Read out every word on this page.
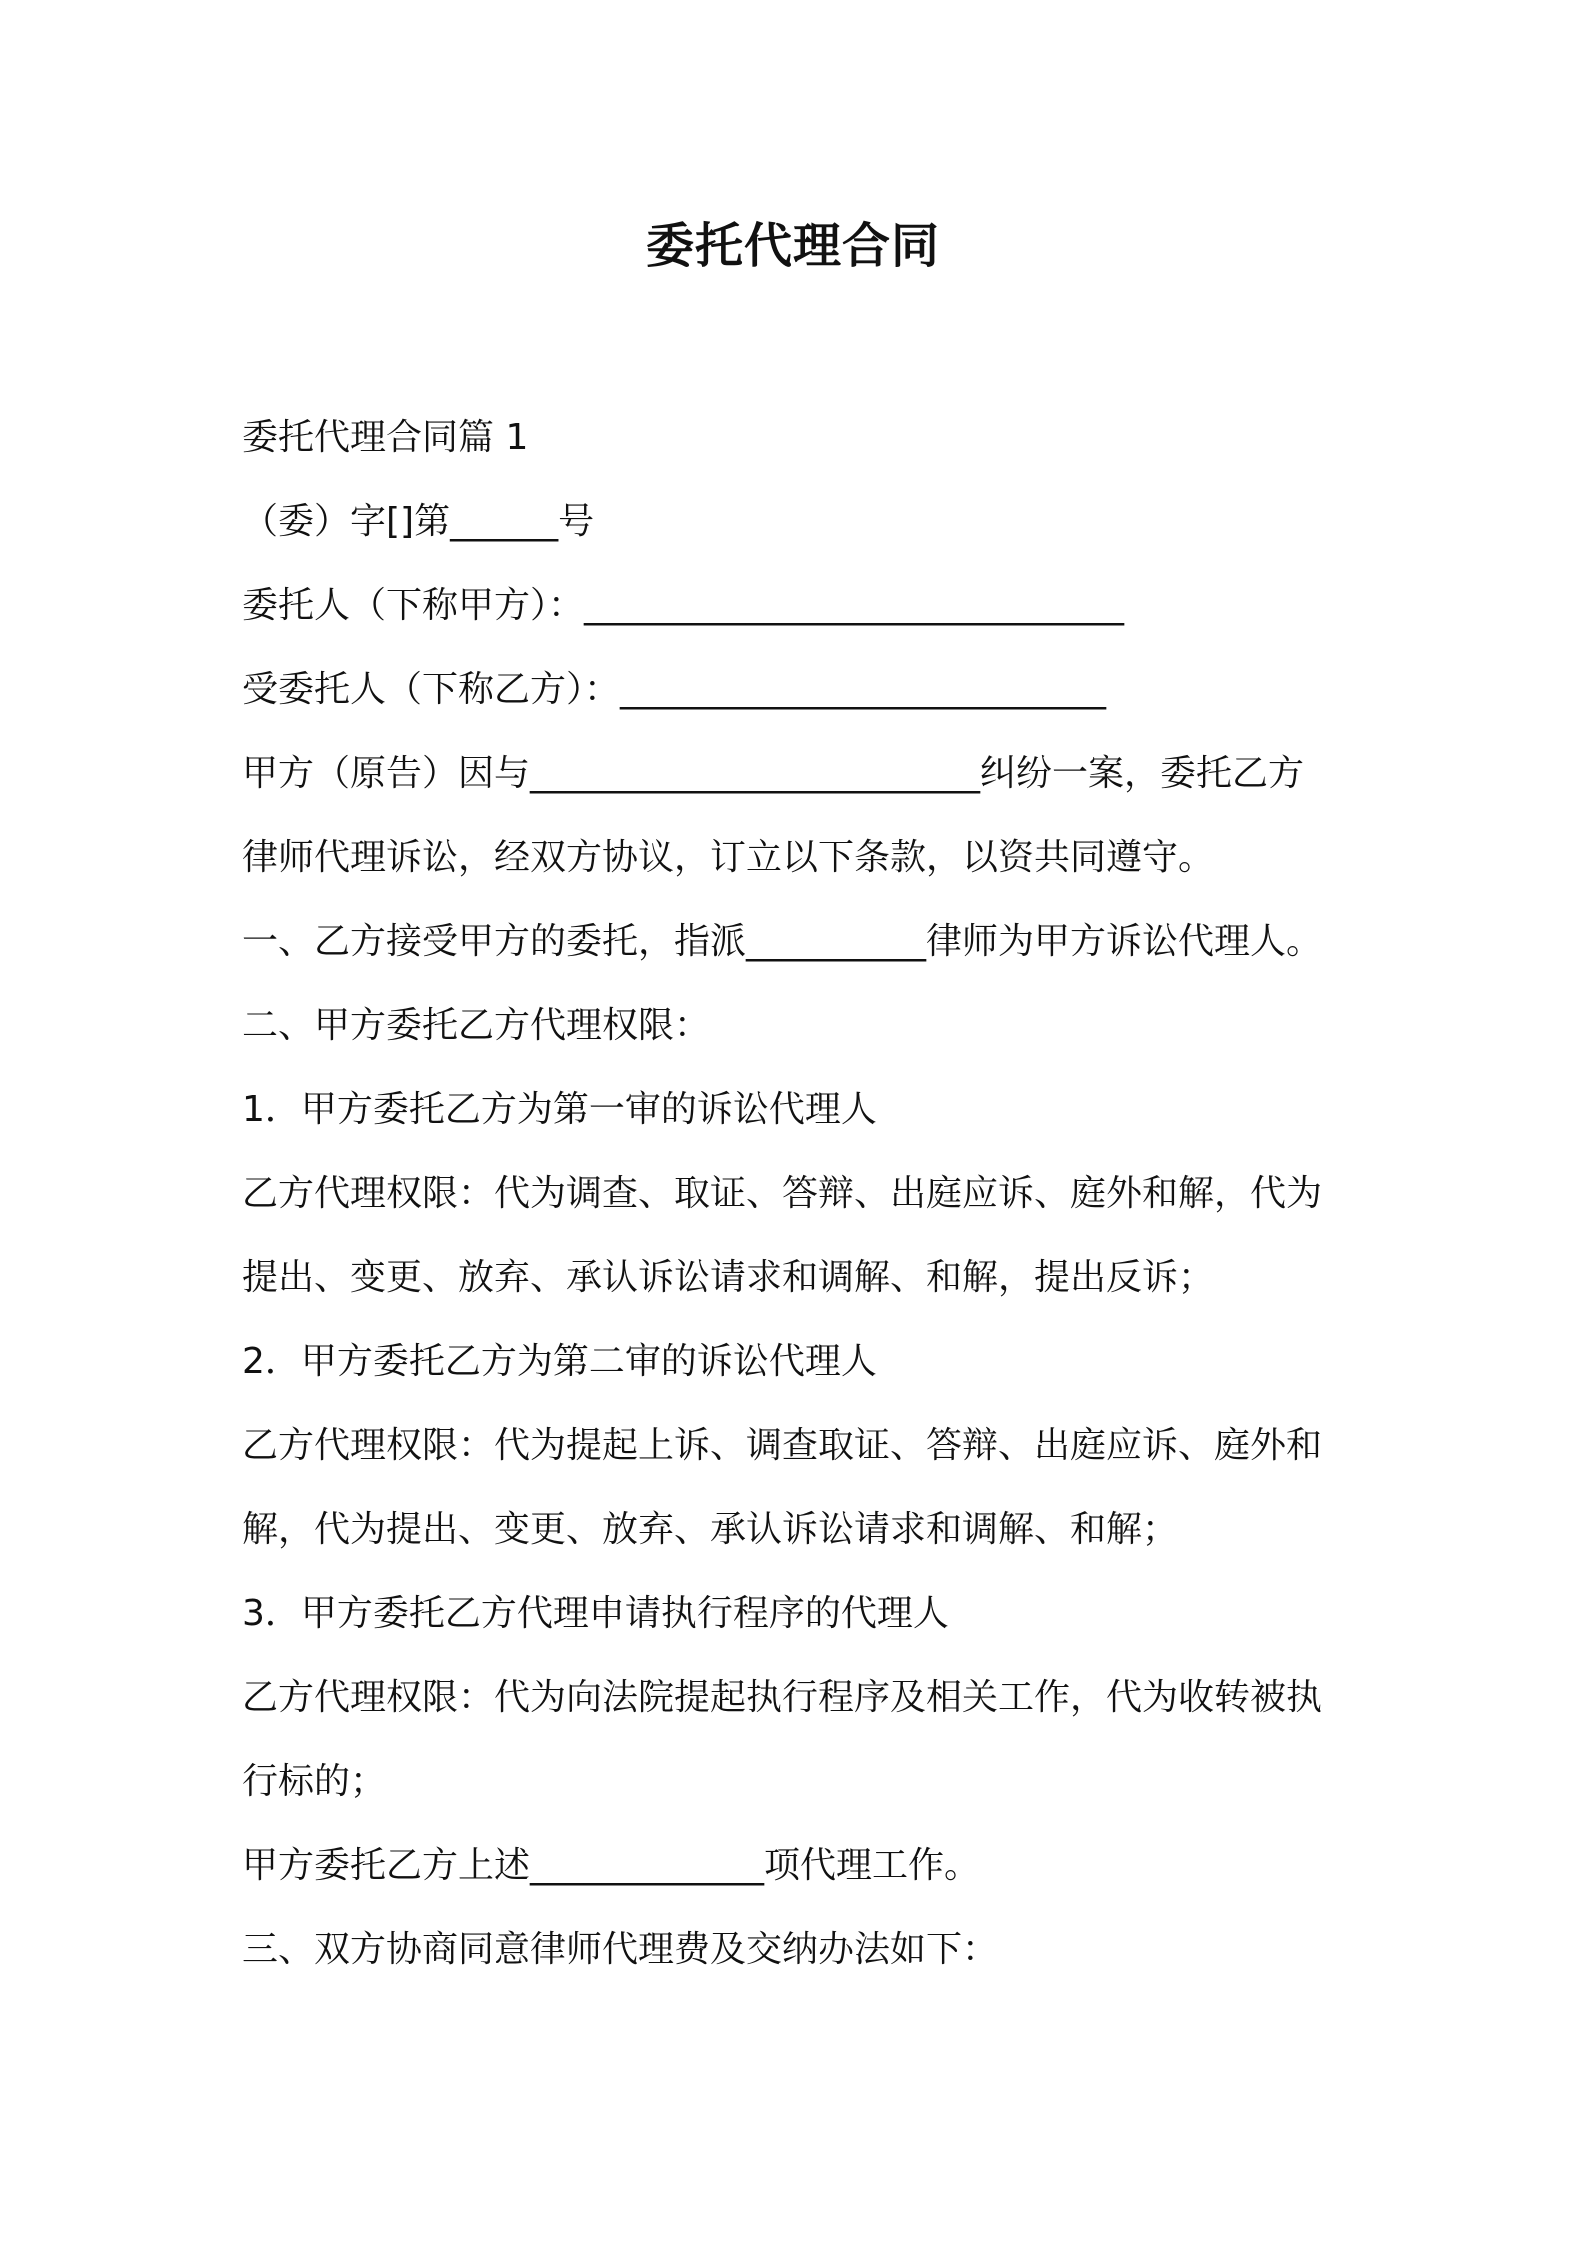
委托代理合同
委托代理合同篇 1
（委）字[]第______号
委托人（下称甲方）：______________________________
受委托人（下称乙方）：___________________________
甲方（原告）因与_________________________纠纷一案，委托乙方
律师代理诉讼，经双方协议，订立以下条款，以资共同遵守。
一、乙方接受甲方的委托，指派__________律师为甲方诉讼代理人。
二、甲方委托乙方代理权限：
1．甲方委托乙方为第一审的诉讼代理人
乙方代理权限：代为调查、取证、答辩、出庭应诉、庭外和解，代为
提出、变更、放弃、承认诉讼请求和调解、和解，提出反诉；
2．甲方委托乙方为第二审的诉讼代理人
乙方代理权限：代为提起上诉、调查取证、答辩、出庭应诉、庭外和
解，代为提出、变更、放弃、承认诉讼请求和调解、和解；
3．甲方委托乙方代理申请执行程序的代理人
乙方代理权限：代为向法院提起执行程序及相关工作，代为收转被执
行标的；
甲方委托乙方上述_____________项代理工作。
三、双方协商同意律师代理费及交纳办法如下：
